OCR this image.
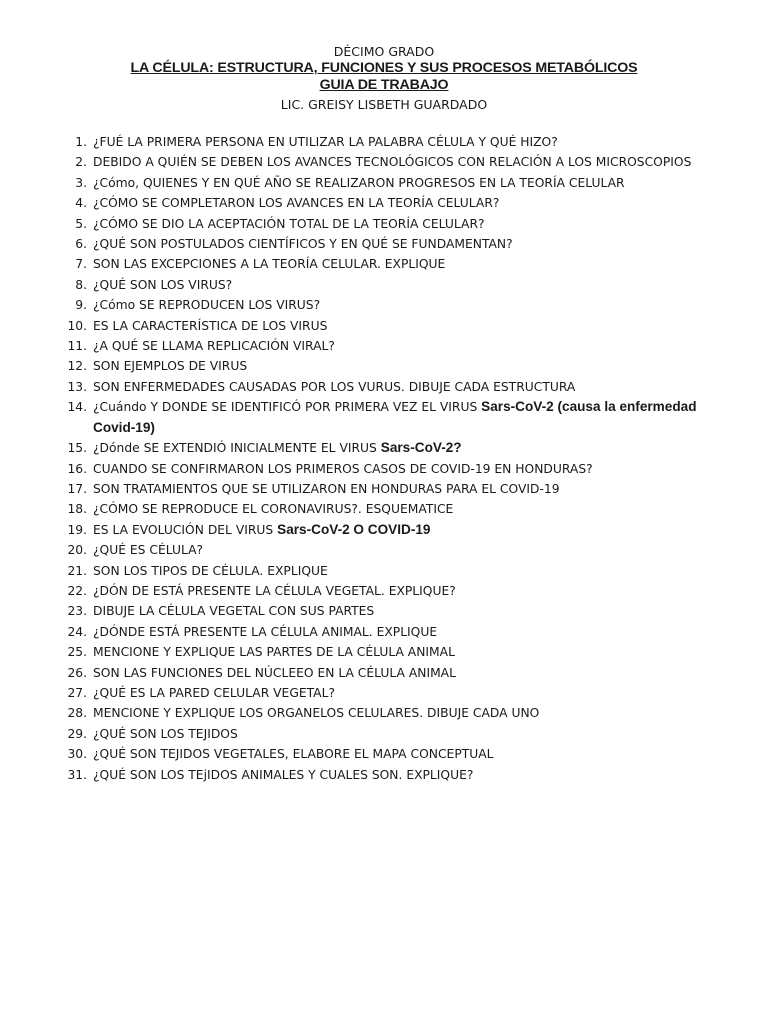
DÉCIMO GRADO
LA CÉLULA: ESTRUCTURA, FUNCIONES Y SUS PROCESOS METABÓLICOS
GUIA DE TRABAJO
LIC. GREISY LISBETH GUARDADO
1. ¿FUÉ LA PRIMERA PERSONA EN UTILIZAR LA PALABRA CÉLULA Y QUÉ HIZO?
2. DEBIDO A QUIÉN SE DEBEN LOS AVANCES TECNOLÓGICOS CON RELACIÓN A LOS MICROSCOPIOS
3. ¿Cómo, QUIENES Y EN QUÉ AÑO SE REALIZARON PROGRESOS EN LA TEORÍA CELULAR
4. ¿CÓMO SE COMPLETARON LOS AVANCES EN LA TEORÍA CELULAR?
5. ¿CÓMO SE DIO LA ACEPTACIÓN TOTAL DE LA TEORÍA CELULAR?
6. ¿QUÉ SON POSTULADOS CIENTÍFICOS Y EN QUÉ SE FUNDAMENTAN?
7. SON LAS EXCEPCIONES A LA TEORÍA CELULAR. EXPLIQUE
8. ¿QUÉ SON LOS VIRUS?
9. ¿Cómo SE REPRODUCEN LOS VIRUS?
10. ES LA CARACTERÍSTICA DE LOS VIRUS
11. ¿A QUÉ SE LLAMA REPLICACIÓN VIRAL?
12. SON EJEMPLOS DE VIRUS
13. SON ENFERMEDADES CAUSADAS POR LOS VURUS. DIBUJE CADA ESTRUCTURA
14. ¿Cuándo Y DONDE SE IDENTIFICÓ POR PRIMERA VEZ EL VIRUS Sars-CoV-2 (causa la enfermedad Covid-19)
15. ¿Dónde SE EXTENDIÓ INICIALMENTE EL VIRUS Sars-CoV-2?
16. CUANDO SE CONFIRMARON LOS PRIMEROS CASOS DE COVID-19 EN HONDURAS?
17. SON TRATAMIENTOS QUE SE UTILIZARON EN HONDURAS PARA EL COVID-19
18. ¿CÓMO SE REPRODUCE EL CORONAVIRUS?. ESQUEMATICE
19. ES LA EVOLUCIÓN DEL VIRUS Sars-CoV-2 O COVID-19
20. ¿QUÉ ES CÉLULA?
21. SON LOS TIPOS DE CÉLULA. EXPLIQUE
22. ¿DÓN DE ESTÁ PRESENTE LA CÉLULA VEGETAL. EXPLIQUE?
23. DIBUJE LA CÉLULA VEGETAL CON SUS PARTES
24. ¿DÓNDE ESTÁ PRESENTE LA CÉLULA ANIMAL. EXPLIQUE
25. MENCIONE Y EXPLIQUE LAS PARTES DE LA CÉLULA ANIMAL
26. SON LAS FUNCIONES DEL NÚCLEEO EN LA CÉLULA ANIMAL
27. ¿QUÉ ES LA PARED CELULAR VEGETAL?
28. MENCIONE Y EXPLIQUE LOS ORGANELOS CELULARES. DIBUJE CADA UNO
29. ¿QUÉ SON LOS TEJIDOS
30. ¿QUÉ SON TEJIDOS VEGETALES, ELABORE EL MAPA CONCEPTUAL
31. ¿QUÉ SON LOS TEjIDOS ANIMALES Y CUALES SON. EXPLIQUE?
